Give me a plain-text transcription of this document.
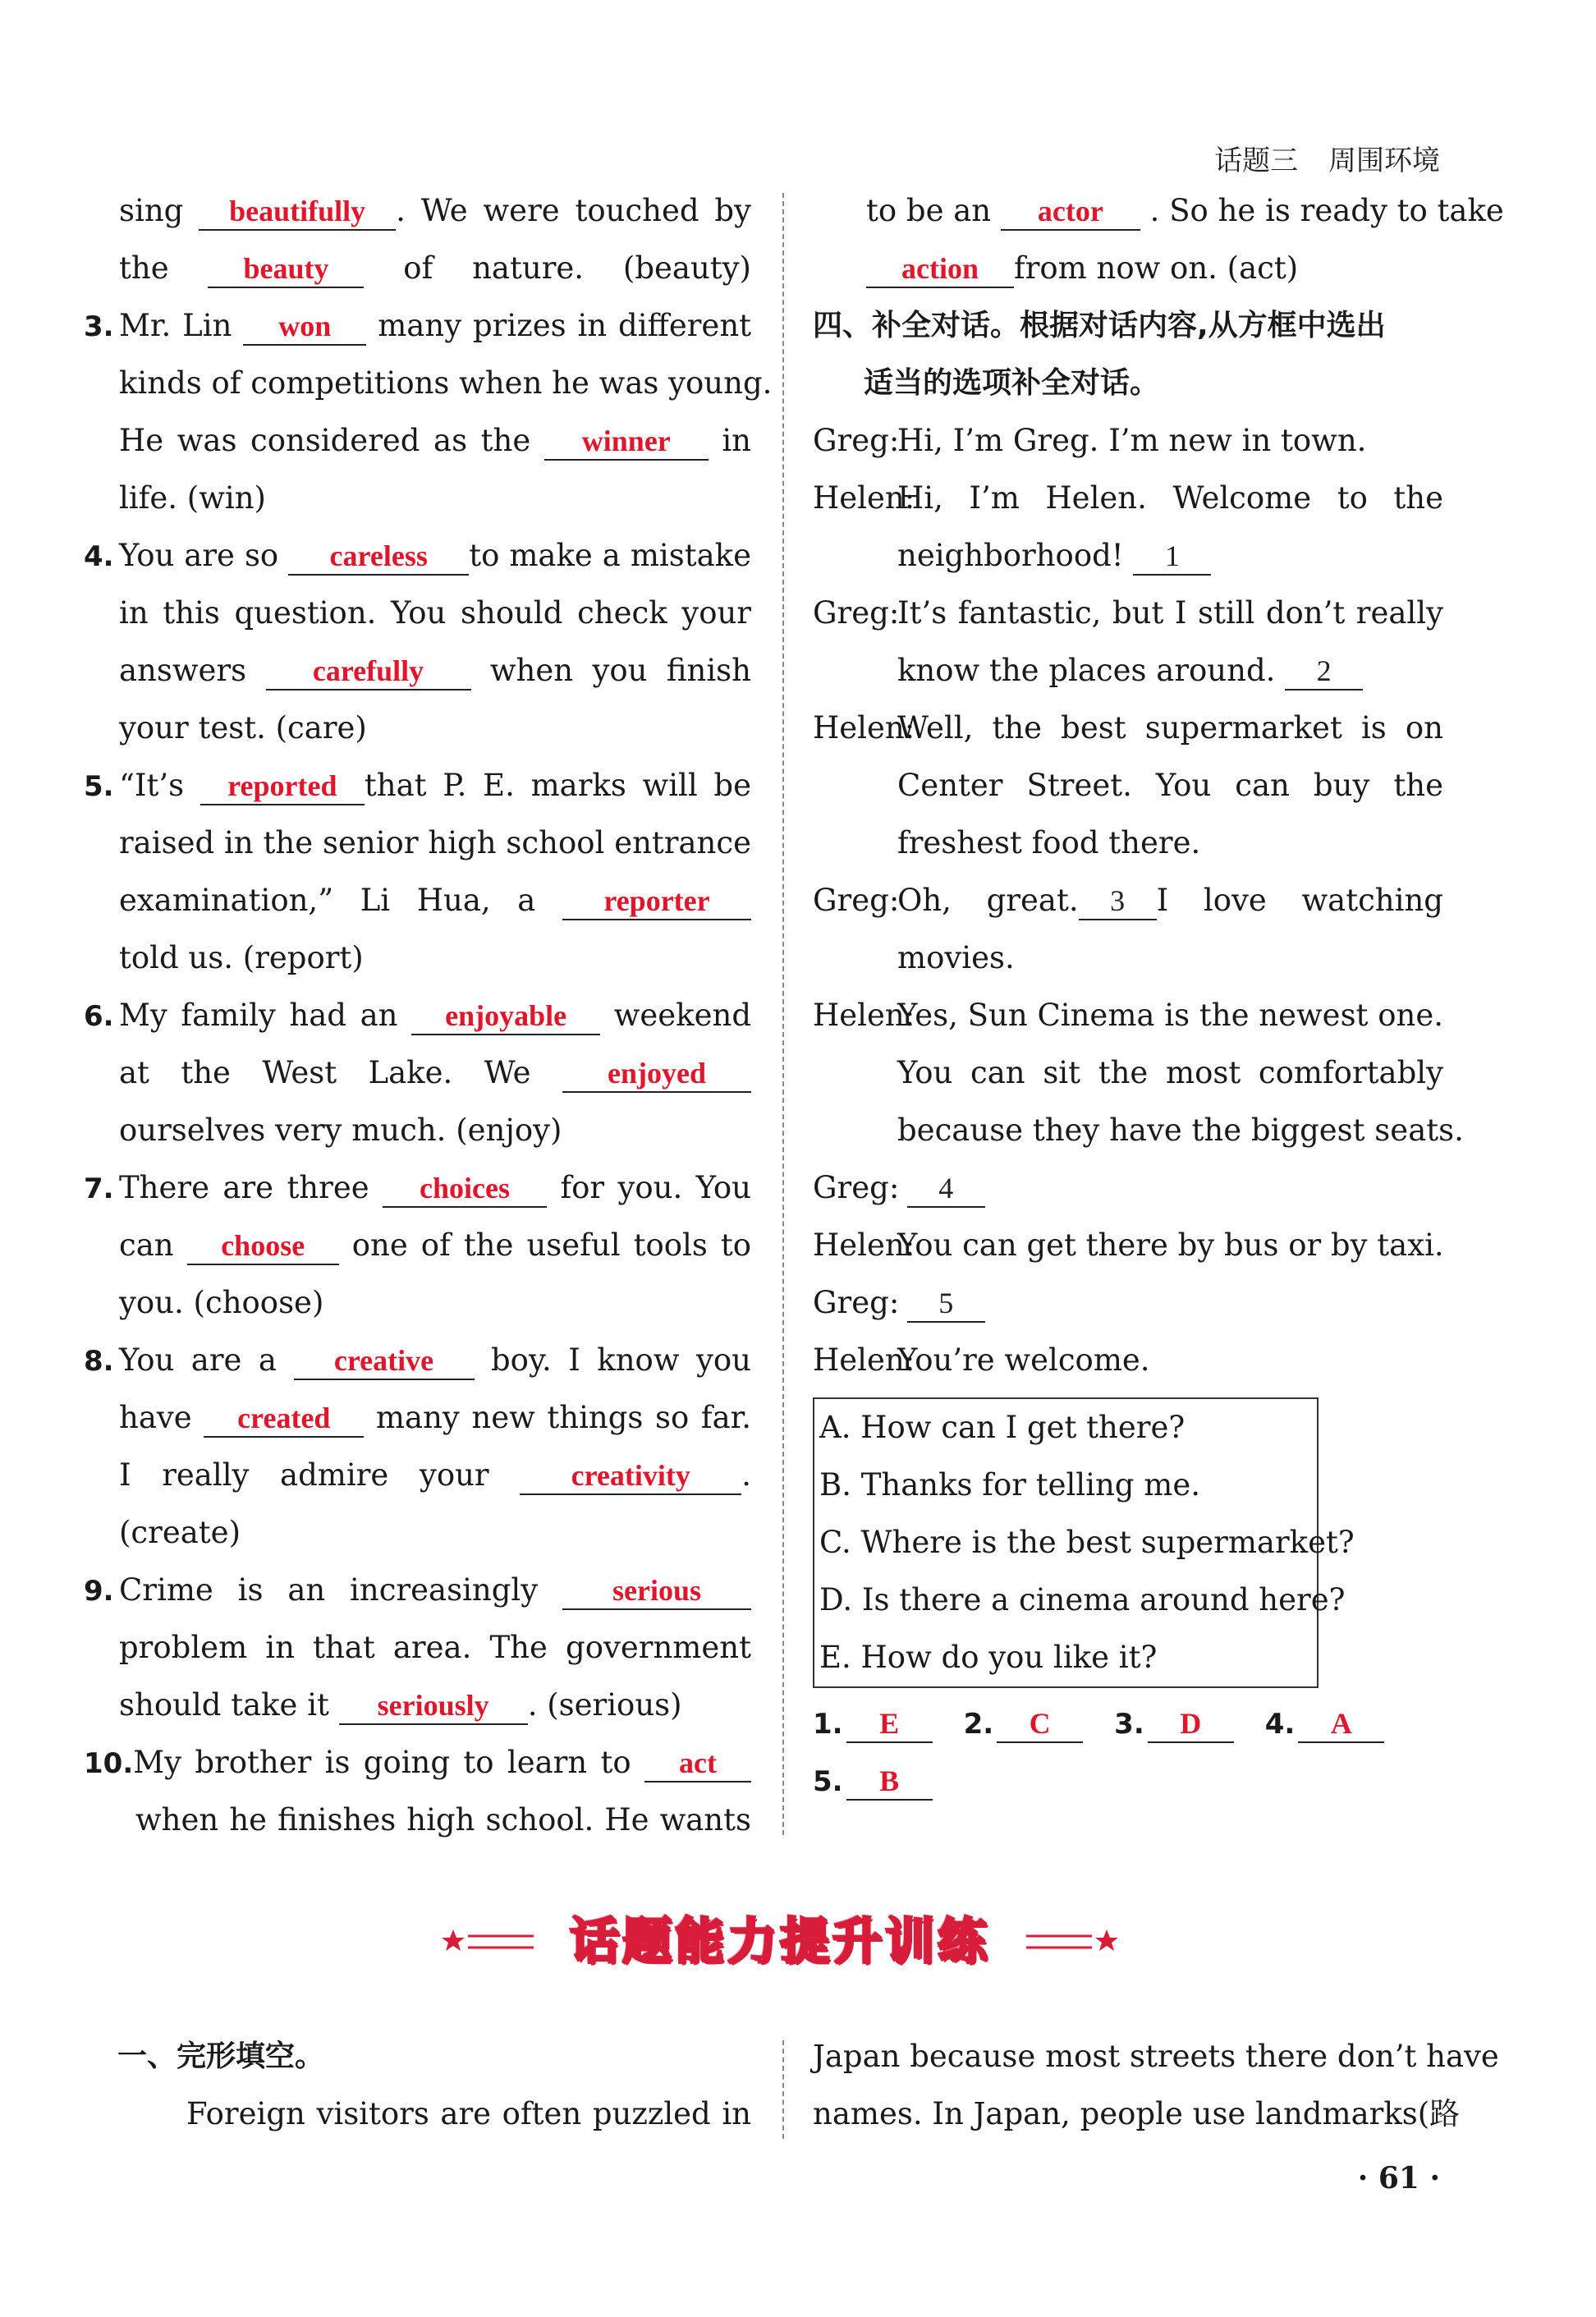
话题三 周围环境
sing beautifully . We were touched by
the	beauty of nature. (beauty)
3. Mr. Lin won many prizes in different
kinds of competitions when he was young.
He was considered as the winner in
life. (win)
4. You are so careless to make a mistake
in this question. You should check your
answers carefully when you finish
your test. (care)
5. “It’s reported that P. E. marks will be
raised in the senior high school entrance
examination,” Li Hua, a reporter
told us. (report)
6. My family had an enjoyable weekend
at the West Lake. We	enjoyed
ourselves very much. (enjoy)
7. There are three choices for you. You
can choose one of the useful tools to
you. (choose)
8. You are a creative boy. I know you
have created many new things so far.
I really admire your	creativity .
(create)
9. Crime is an increasingly	serious
problem in that area. The government
should take it seriously . (serious)
10.My brother is going to learn to act
when he finishes high school. He wants
to be an actor . So he is ready to take
action from now on. (act)
四、补全对话。根据对话内容,从方框中选出
适当的选项补全对话。
Greg:Hi, I’m Greg. I’m new in town.
Helen:Hi, I’m Helen. Welcome to the
neighborhood! 1
Greg:It’s fantastic, but I still don’t really
know the places around. 2
Helen:Well, the best supermarket is on
Center Street. You can buy the
freshest food there.
Greg:Oh, great. 3 I love watching
movies.
Helen:Yes, Sun Cinema is the newest one.
You can sit the most comfortably
because they have the biggest seats.
Greg: 4
Helen:You can get there by bus or by taxi.
Greg: 5
Helen:You’re welcome.
A. How can I get there?
B. Thanks for telling me.
C. Where is the best supermarket?
D. Is there a cinema around here?
E. How do you like it?
1. E 2. C 3. D 4. A
5. B
话题能力提升训练
一、完形填空。
Foreign visitors are often puzzled in
Japan because most streets there don’t have
names. In Japan, people use landmarks(路
· 61 ·
